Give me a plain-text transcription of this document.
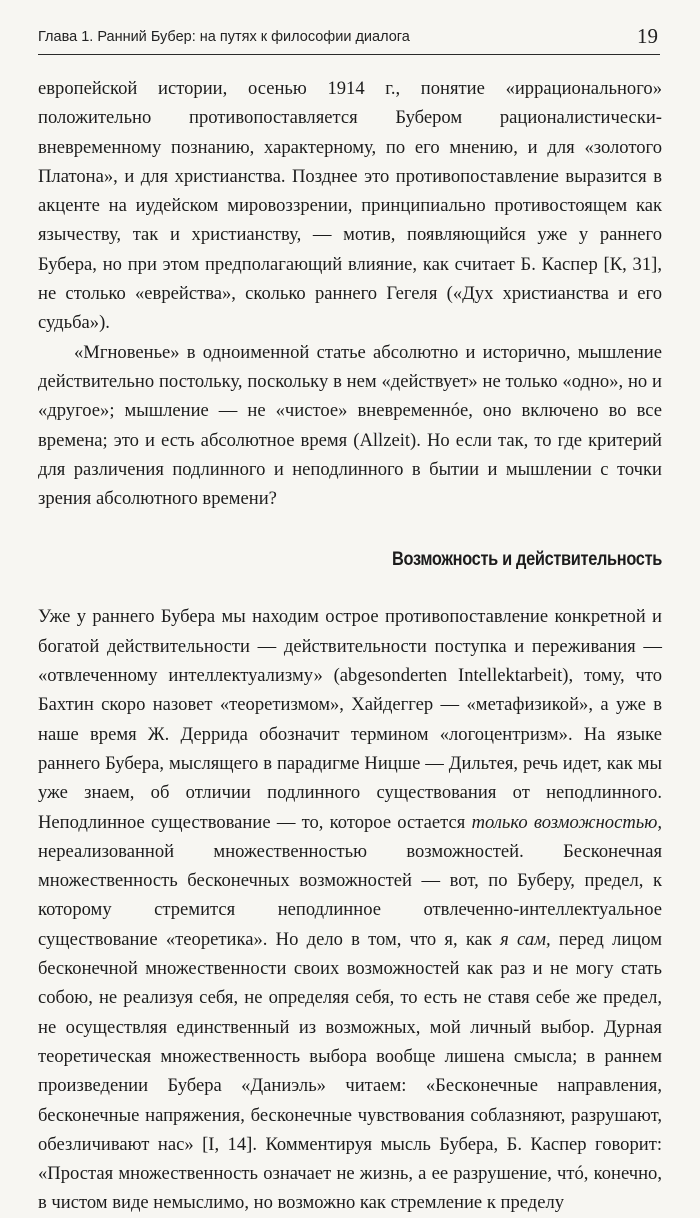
Глава 1. Ранний Бубер: на путях к философии диалога	19

европейской истории, осенью 1914 г., понятие «иррационального» положительно противопоставляется Бубером рационалистически-вневременному познанию, характерному, по его мнению, и для «золотого Платона», и для христианства. Позднее это противопоставление выразится в акценте на иудейском мировоззрении, принципиально противостоящем как язычеству, так и христианству, — мотив, появляющийся уже у раннего Бубера, но при этом предполагающий влияние, как считает Б. Каспер [К, 31], не столько «еврейства», сколько раннего Гегеля («Дух христианства и его судьба»).

«Мгновенье» в одноименной статье абсолютно и исторично, мышление действительно постольку, поскольку в нем «действует» не только «одно», но и «другое»; мышление — не «чистое» вневременнóе, оно включено во все времена; это и есть абсолютное время (Allzeit). Но если так, то где критерий для различения подлинного и неподлинного в бытии и мышлении с точки зрения абсолютного времени?

Возможность и действительность

Уже у раннего Бубера мы находим острое противопоставление конкретной и богатой действительности — действительности поступка и переживания — «отвлеченному интеллектуализму» (abgesonderten Intellektarbeit), тому, что Бахтин скоро назовет «теоретизмом», Хайдеггер — «метафизикой», а уже в наше время Ж. Деррида обозначит термином «логоцентризм». На языке раннего Бубера, мыслящего в парадигме Ницше — Дильтея, речь идет, как мы уже знаем, об отличии подлинного существования от неподлинного. Неподлинное существование — то, которое остается только возможностью, нереализованной множественностью возможностей. Бесконечная множественность бесконечных возможностей — вот, по Буберу, предел, к которому стремится неподлинное отвлеченно-интеллектуальное существование «теоретика». Но дело в том, что я, как я сам, перед лицом бесконечной множественности своих возможностей как раз и не могу стать собою, не реализуя себя, не определяя себя, то есть не ставя себе же предел, не осуществляя единственный из возможных, мой личный выбор. Дурная теоретическая множественность выбора вообще лишена смысла; в раннем произведении Бубера «Даниэль» читаем: «Бесконечные направления, бесконечные напряжения, бесконечные чувствования соблазняют, разрушают, обезличивают нас» [I, 14]. Комментируя мысль Бубера, Б. Каспер говорит: «Простая множественность означает не жизнь, а ее разрушение, чтó, конечно, в чистом виде немыслимо, но возможно как стремление к пределу
